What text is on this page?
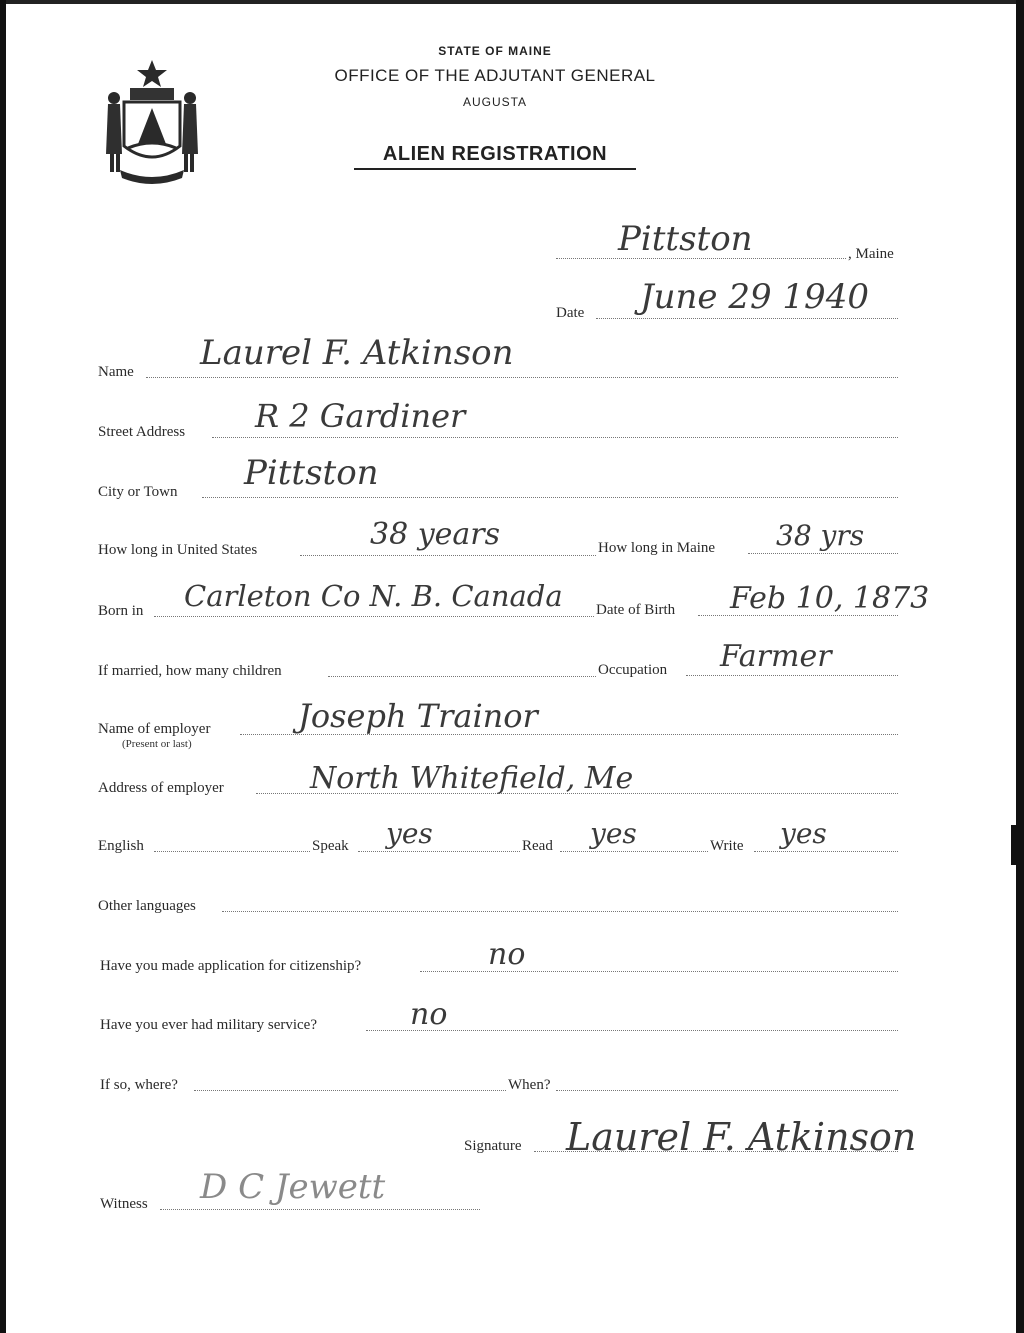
STATE OF MAINE
OFFICE OF THE ADJUTANT GENERAL
AUGUSTA
ALIEN REGISTRATION
Pittston	, Maine
Date June 29 1940
Name Laurel F. Atkinson
Street Address R 2 Gardiner
City or Town Pittston
How long in United States	38 years	How long in Maine 38 yrs
Born in Carleton Co N. B. Canada Date of Birth Feb 10, 1873
If married, how many children	Occupation Farmer
Name of employer
(Present or last)
Joseph Trainor
Address of employer	North Whitefield, Me
English	Speak yes	Read yes	Write yes
Other languages
Have you made application for citizenship?	no
Have you ever had military service?	no
If so, where?	When?
Signature Laurel F. Atkinson
Witness D C Jewett
